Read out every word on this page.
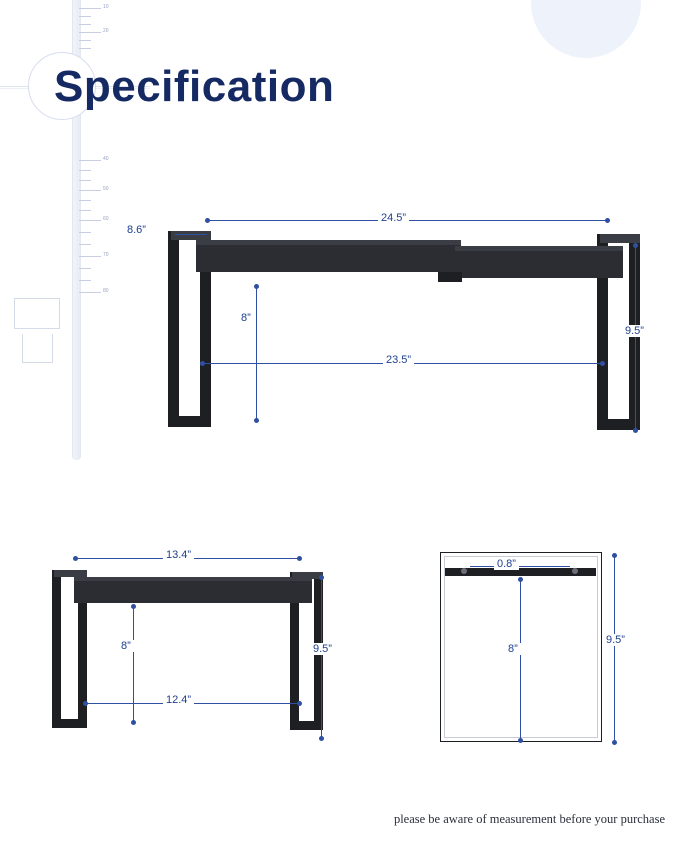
10
20
40
50
60
70
80
Specification
24.5”
8.6”
8”
23.5”
9.5”
13.4”
8”	9.5”
12.4”
0.8”
8”
9.5”
please be aware of measurement before your purchase
